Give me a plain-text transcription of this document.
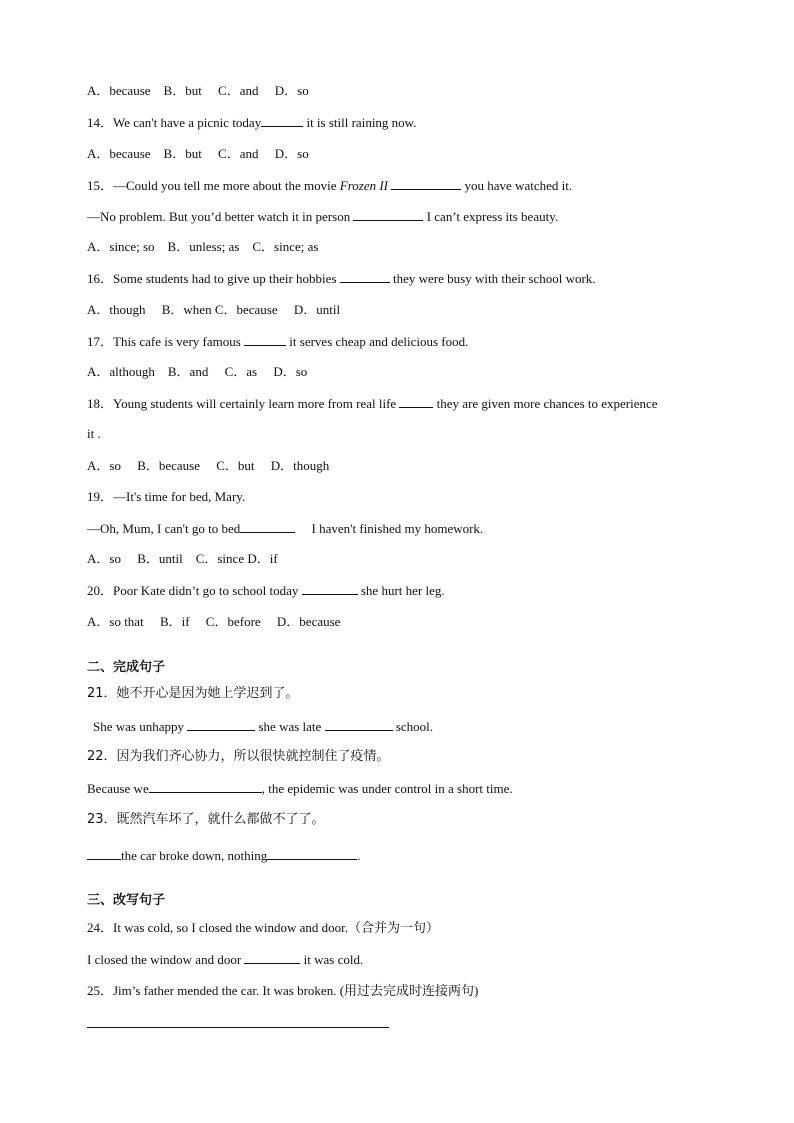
A．because　B．but　 C．and　 D．so
14．We can't have a picnic today	it is still raining now.
A．because　B．but　 C．and　 D．so
15．—Could you tell me more about the movie Frozen II	you have watched it.
—No problem. But you’d better watch it in person	I can’t express its beauty.
A．since; so　B．unless; as　C．since; as
16．Some students had to give up their hobbies	they were busy with their school work.
A．though　 B．when C．because　 D．until
17．This cafe is very famous	it serves cheap and delicious food.
A．although　B．and　 C．as　 D．so
18．Young students will certainly learn more from real life	they are given more chances to experience
it .
A．so　 B．because　 C．but　 D．though
19．—It's time for bed, Mary.
—Oh, Mum, I can't go to bed	　 I haven't finished my homework.
A．so　 B．until　C．since D．if
20．Poor Kate didn’t go to school today	she hurt her leg.
A．so that　 B．if　 C．before　 D．because
二、完成句子
21．她不开心是因为她上学迟到了。
She was unhappy	she was late	school.
22．因为我们齐心协力，所以很快就控制住了疫情。
Because we	, the epidemic was under control in a short time.
23．既然汽车坏了，就什么都做不了了。
the car broke down, nothing	.
三、改写句子
24．It was cold, so I closed the window and door.（合并为一句）
I closed the window and door	it was cold.
25．Jim’s father mended the car. It was broken. (用过去完成时连接两句)
